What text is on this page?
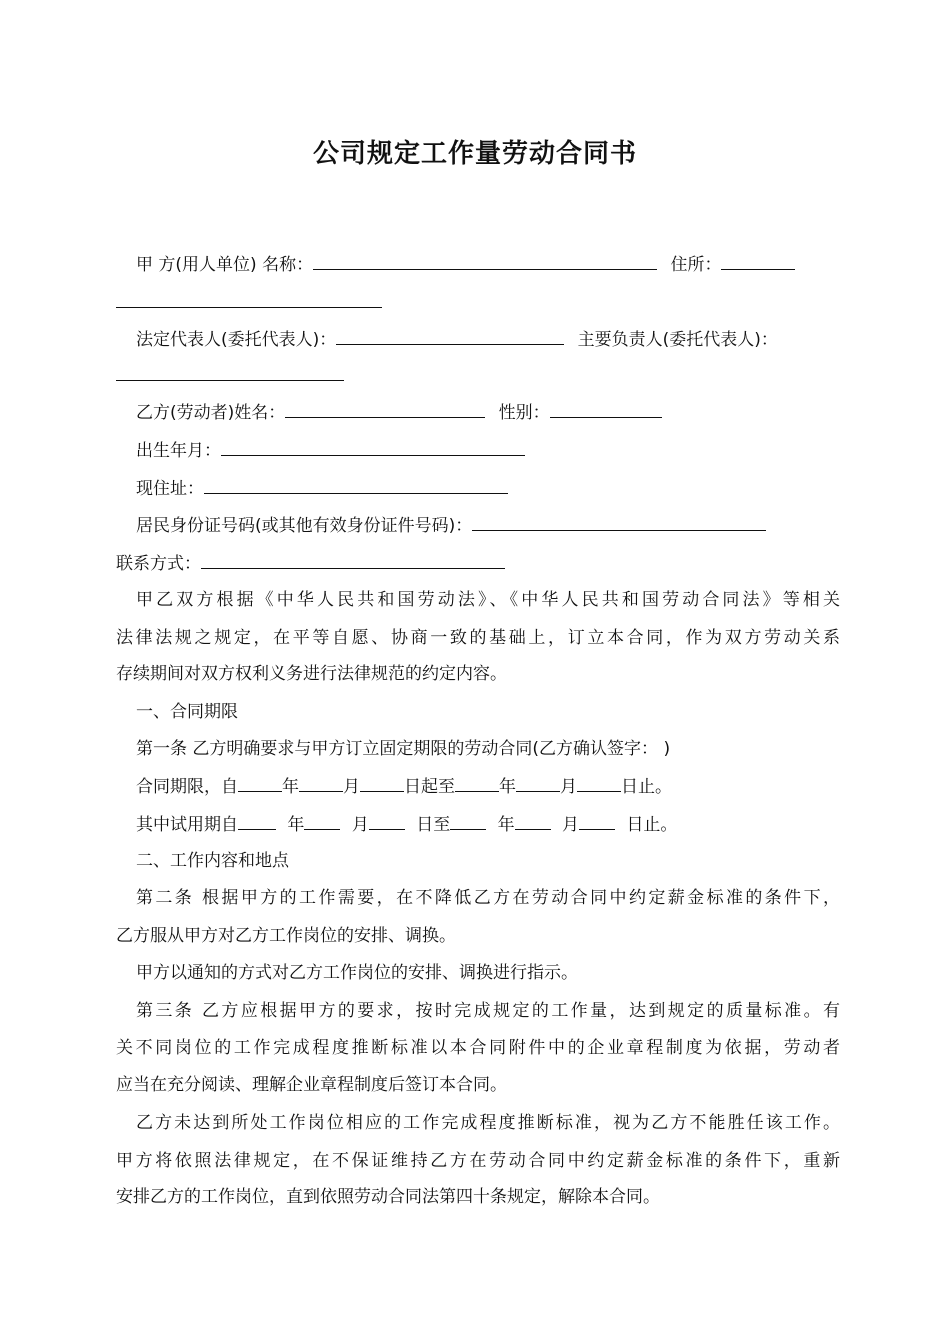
公司规定工作量劳动合同书
甲 方(用人单位) 名称：	住所：
法定代表人(委托代表人)：	主要负责人(委托代表人)：
乙方(劳动者)姓名：	性别：
出生年月：
现住址：
居民身份证号码(或其他有效身份证件号码)：
联系方式：
甲乙双方根据《中华人民共和国劳动法》、《中华人民共和国劳动合同法》等相关
法律法规之规定，在平等自愿、协商一致的基础上，订立本合同，作为双方劳动关系
存续期间对双方权利义务进行法律规范的约定内容。
一、合同期限
第一条 乙方明确要求与甲方订立固定期限的劳动合同(乙方确认签字： )
合同期限，自	年	月	日起至	年	月	日止。
其中试用期自	年	月	日至	年	月	日止。
二、工作内容和地点
第二条 根据甲方的工作需要，在不降低乙方在劳动合同中约定薪金标准的条件下，
乙方服从甲方对乙方工作岗位的安排、调换。
甲方以通知的方式对乙方工作岗位的安排、调换进行指示。
第三条 乙方应根据甲方的要求，按时完成规定的工作量，达到规定的质量标准。有
关不同岗位的工作完成程度推断标准以本合同附件中的企业章程制度为依据，劳动者
应当在充分阅读、理解企业章程制度后签订本合同。
乙方未达到所处工作岗位相应的工作完成程度推断标准，视为乙方不能胜任该工作。
甲方将依照法律规定，在不保证维持乙方在劳动合同中约定薪金标准的条件下，重新
安排乙方的工作岗位，直到依照劳动合同法第四十条规定，解除本合同。
